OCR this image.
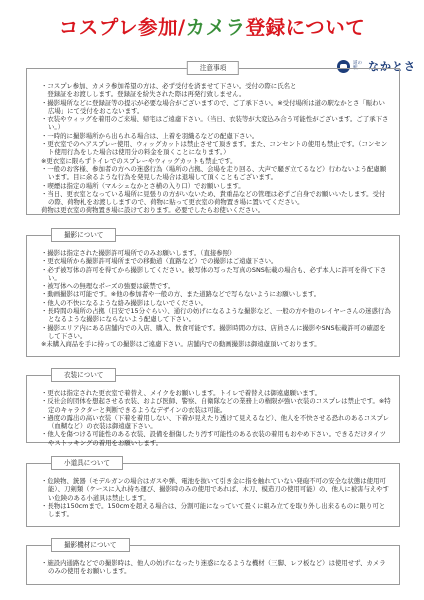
コスプレ参加/カメラ登録について
道の駅 なかとさ
注意事項
・コスプレ参加、カメラ参加希望の方は、必ず受付を済ませて下さい。受付の際に氏名と
　登録証をお渡しします。登録証を紛失された際は再発行致しません。
・撮影場所などに登録証等の提示が必要な場合がございますので、ご了承下さい。※受付場所は道の駅なかとさ「賑わい広場」にて受付をおこないます。
・衣装やウィッグを着用のご来場、帰宅はご遠慮下さい。（当日、衣装等が大変込み合う可能性がございます。ご了承下さい。）
・一時的に撮影場所から出られる場合は、上着を羽織るなどの配慮下さい。
・更衣室でのヘアスプレー使用、ウィッグカットは禁止させて頂きます。また、コンセントの使用も禁止です。（コンセント使用行為をした場合は使用分の料金を頂くことになります。）
※更衣室に限らずトイレでのスプレーやウィッグカットも禁止です。
・一般のお客様、参加者の方への迷惑行為（場所の占拠、会場を走り回る、大声で騒ぎ立てるなど）行わないよう配慮願います。目に余るような行為を発見した場合は退場して頂くこともございます。
・喫煙は指定の場所（マルシェなかとさ横の入り口）でお願いします。
・当日、更衣室となっている場所に見張りの方がいないため、貴重品などの管理は必ずご自身でお願いいたします。受付の際、荷物札をお渡ししますので、荷物に貼って更衣室の荷物置き場に置いてください。
荷物は更衣室の荷物置き場に設けております。必要でしたらお使いください。
撮影について
・撮影は指定された撮影許可場所でのみお願いします。（直接参照）
・更衣場所から撮影許可場所までの移動道（直路など）での撮影はご遠慮下さい。
・必ず被写体の許可を得てから撮影してください。被写体の写った写真のSNS転載の場合も、必ず本人に許可を得て下さい。
・被写体への無理なポーズの強要は厳禁です。
・動画撮影は可能です。※他の参加者や一般の方、また道路などで写らないようにお願いします。
・他人の不快になるような絡み撮影はしないでください。
・長時間の場所の占拠（目安で15分ぐらい）、通行の妨げになるような撮影など、一般の方や他のレイヤーさんの迷惑行為となるような撮影にならないよう配慮して下さい。
・撮影エリア内にある店舗内での入店、購入、飲食可能です。撮影時間の方は、店員さんに撮影やSNS転載許可の確認をして下さい。
※未購入商品を手に持っての撮影はご遠慮下さい。店舗内での動画撮影は御遠慮頂いております。
衣装について
・更衣は指定された更衣室で着替え、メイクをお願いします。トイレで着替えは御遠慮願います。
・反社会的団体を想起させる衣装、および医師、警察、自衛隊などの業務上の権限が強い衣装のコスプレは禁止です。※特定のキャラクターと判断できるようなデザインの衣装は可能。
・過度の露出の高い衣装（下着を着用しない、下着が見えたり透けて見えるなど）、他人を不快させる恐れのあるコスプレ（血糊など）の衣装は御遠慮下さい。
・他人を傷つける可能性のある衣装、設備を損傷したり汚す可能性のある衣装の着用もおやめ下さい。できるだけタイツやストッキングの着用をお願いします。
小道具について
・危険物、銃器（モデルガンの場合はガスや弾、電池を抜いて引き金に指を触れていない発砲不可の安全な状態は使用可能）、刀剣類（ケースに入れ持ち運び、撮影時のみの使用であれば、木刀、模造刀の使用可能）の、他人に被害与えやすい危険のある小道具は禁止します。
・長物は150cmまで。150cmを超える場合は、分割可能になっていて畳くに組み立てを取り外し出来るものに限り可とします。
撮影機材について
・施設内通路などでの撮影時は、他人の妨げになったり迷惑になるような機材（三脚、レフ板など）は使用せず、カメラのみの使用をお願いします。
